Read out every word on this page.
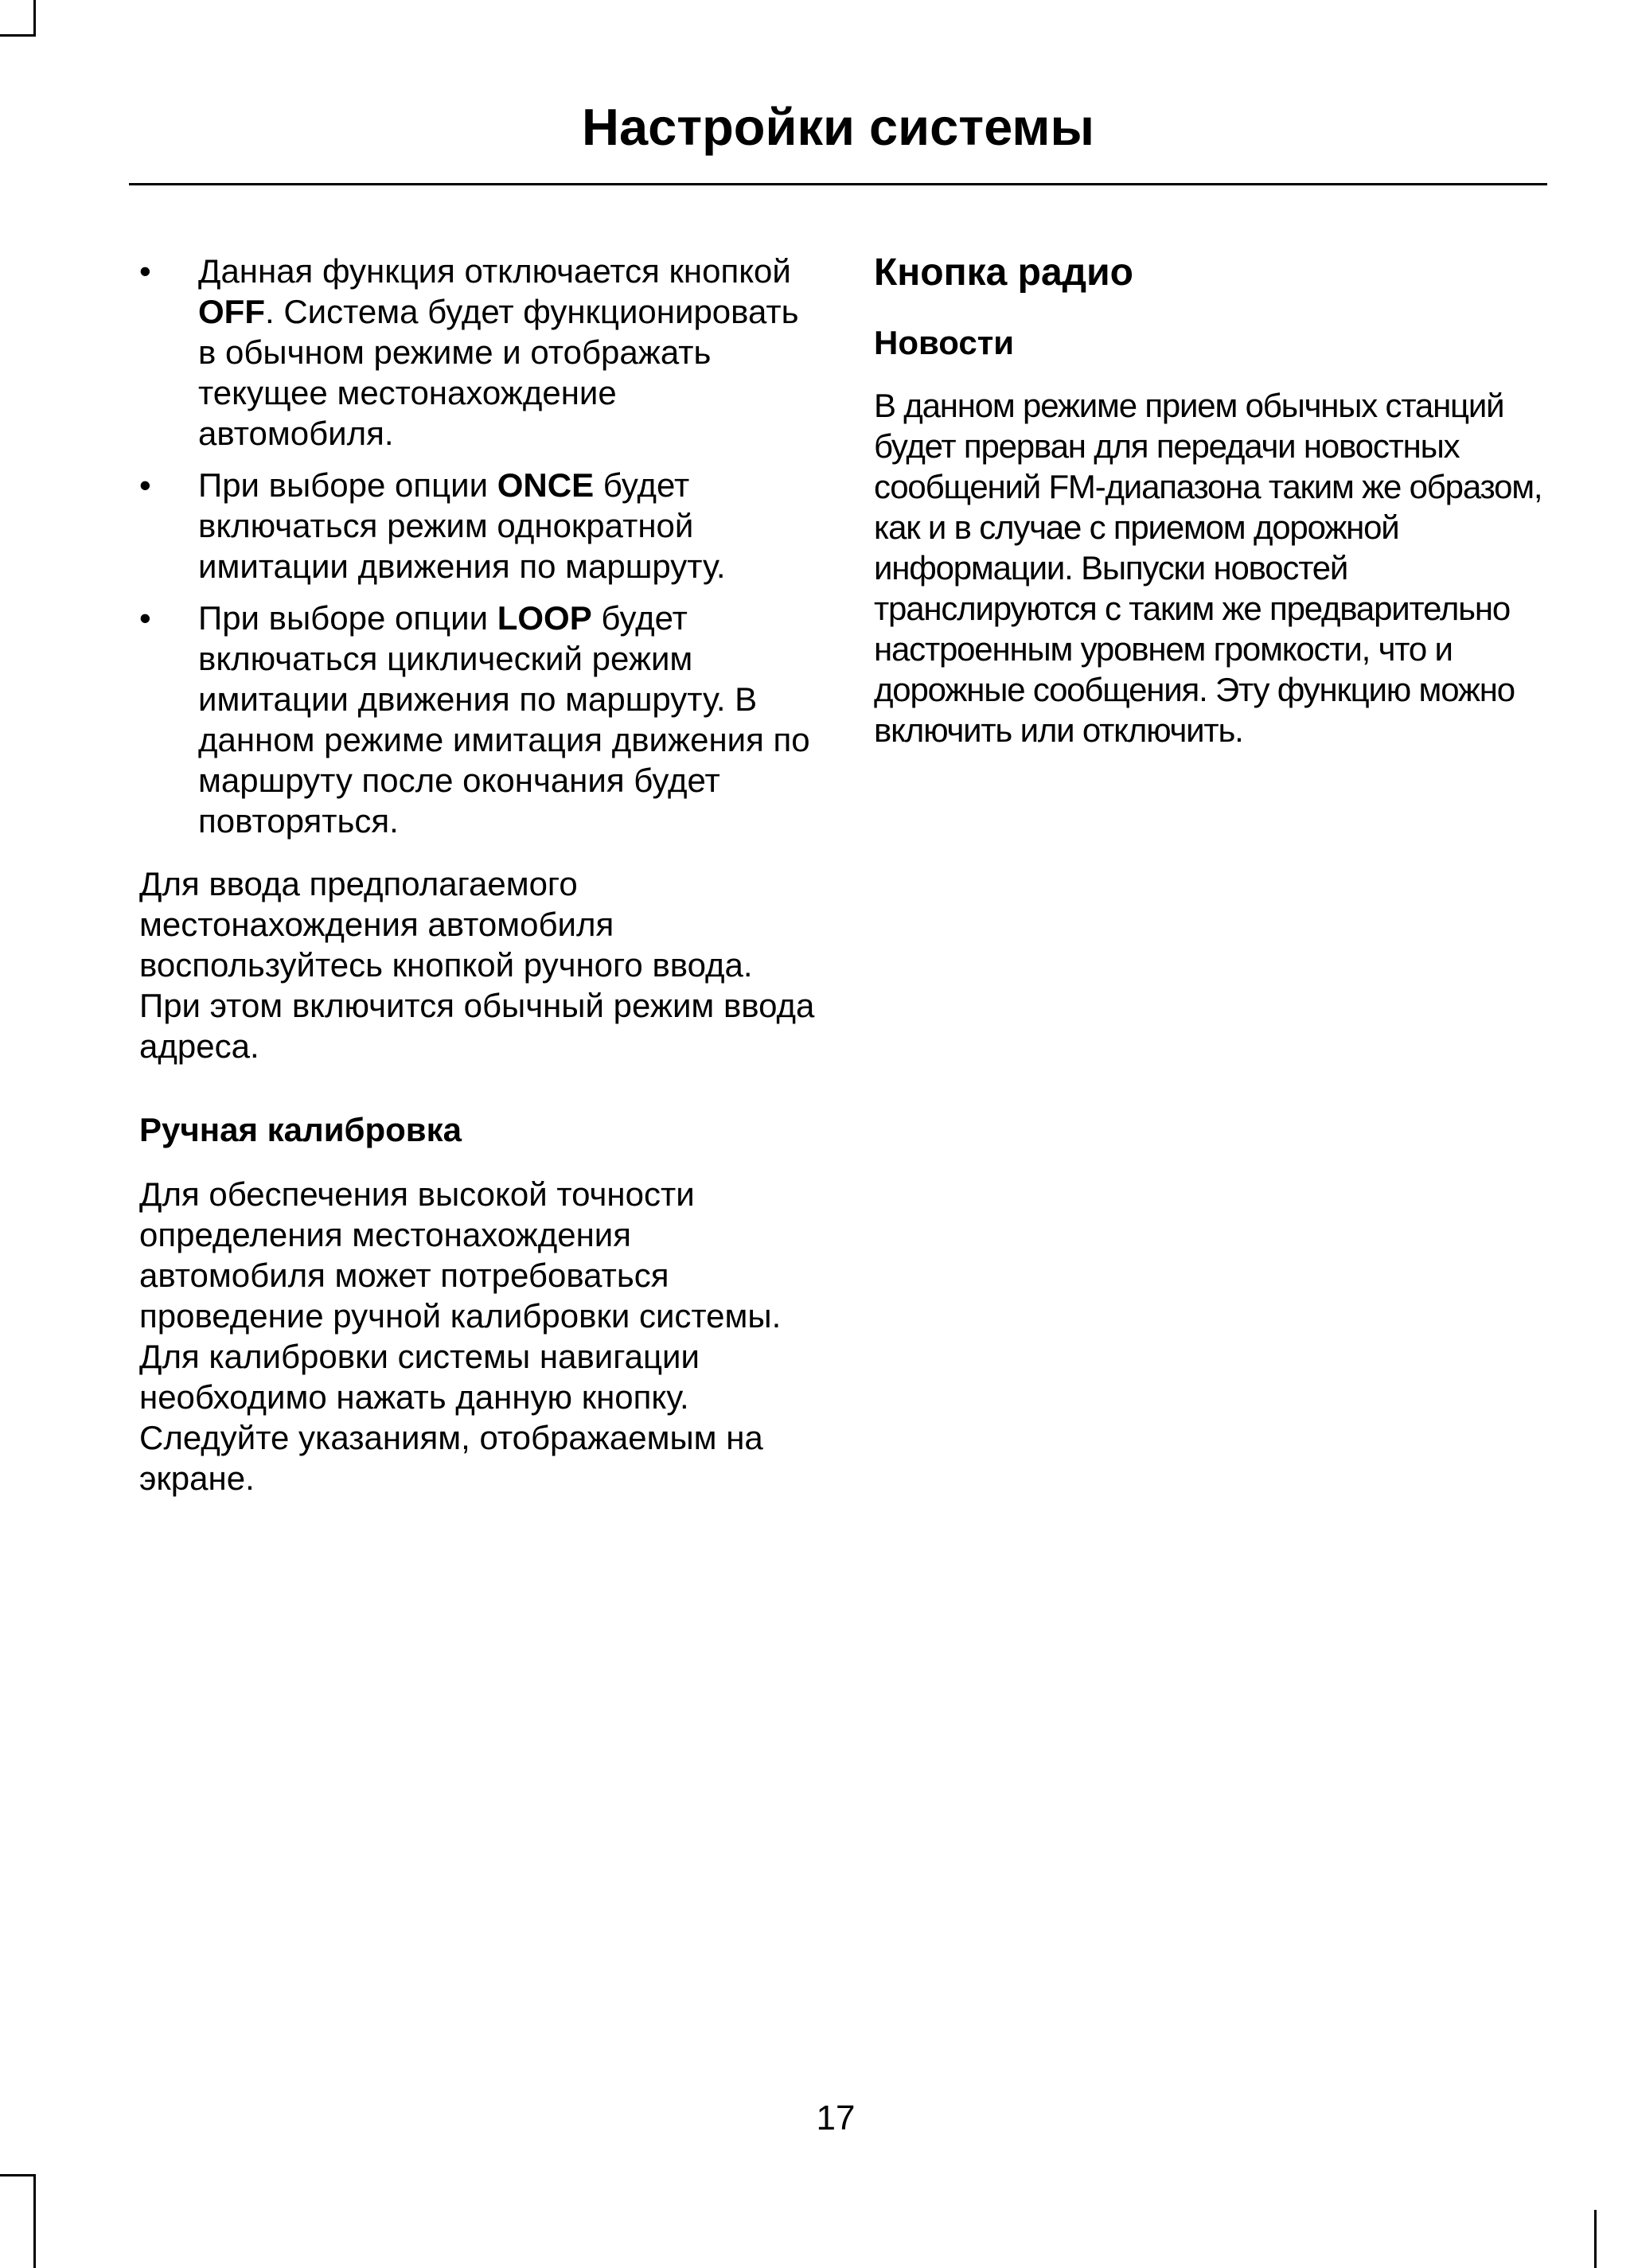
Настройки системы
•	Данная функция отключается кнопкой OFF. Система будет функционировать в обычном режиме и отображать текущее местонахождение автомобиля.
•	При выборе опции ONCE будет включаться режим однократной имитации движения по маршруту.
•	При выборе опции LOOP будет включаться циклический режим имитации движения по маршруту. В данном режиме имитация движения по маршруту после окончания будет повторяться.

Для ввода предполагаемого местонахождения автомобиля воспользуйтесь кнопкой ручного ввода. При этом включится обычный режим ввода адреса.

Ручная калибровка

Для обеспечения высокой точности определения местонахождения автомобиля может потребоваться проведение ручной калибровки системы. Для калибровки системы навигации необходимо нажать данную кнопку. Следуйте указаниям, отображаемым на экране.

Кнопка радио
Новости

В данном режиме прием обычных станций будет прерван для передачи новостных сообщений FM-диапазона таким же образом, как и в случае с приемом дорожной информации. Выпуски новостей транслируются с таким же предварительно настроенным уровнем громкости, что и дорожные сообщения. Эту функцию можно включить или отключить.

17
